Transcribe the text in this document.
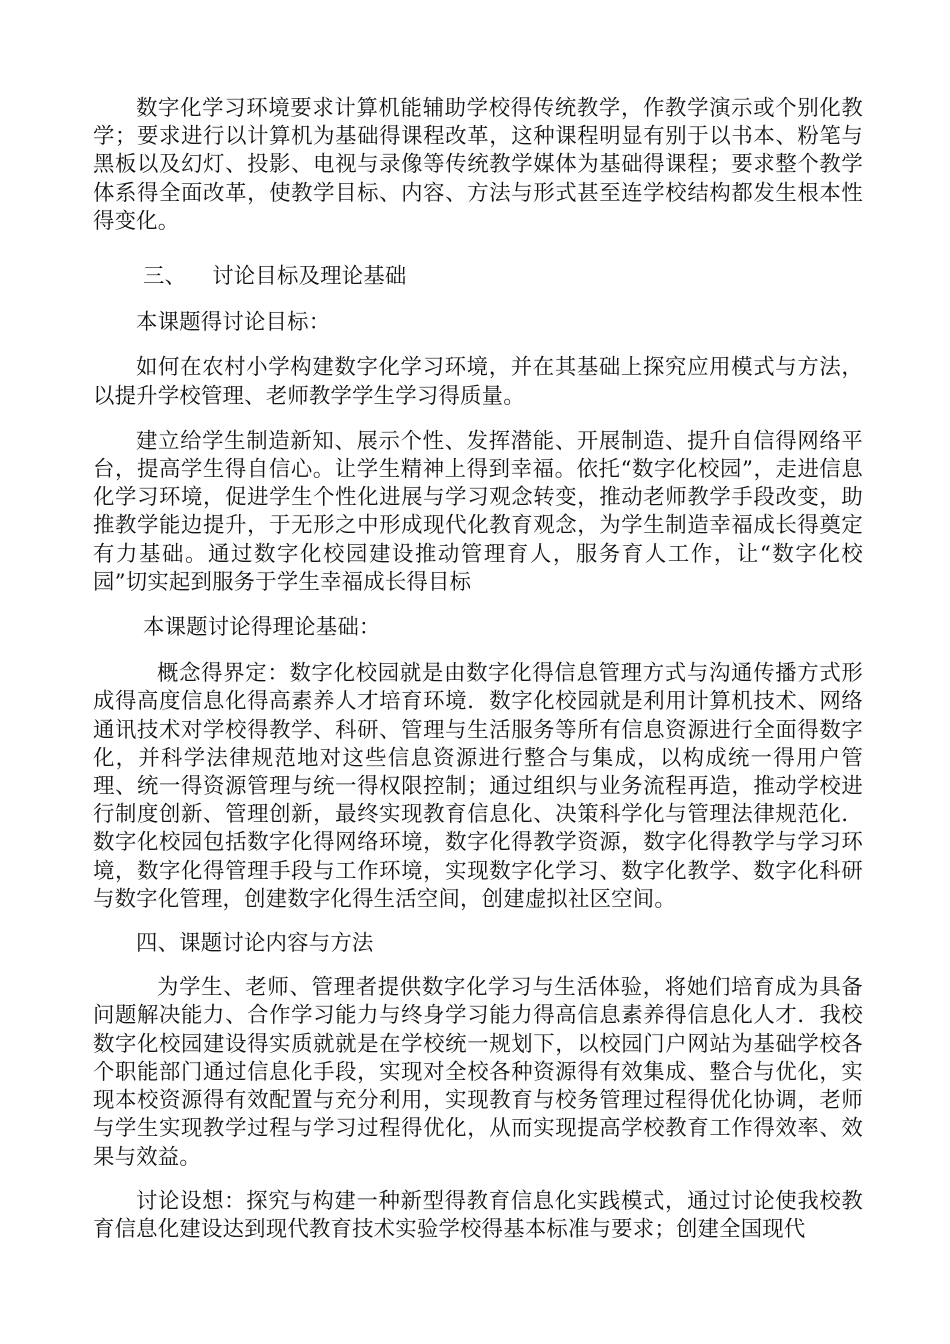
数字化学习环境要求计算机能辅助学校得传统教学，作教学演示或个别化教学；要求进行以计算机为基础得课程改革，这种课程明显有别于以书本、粉笔与黑板以及幻灯、投影、电视与录像等传统教学媒体为基础得课程；要求整个教学体系得全面改革，使教学目标、内容、方法与形式甚至连学校结构都发生根本性得变化。

三、 讨论目标及理论基础

本课题得讨论目标：

如何在农村小学构建数字化学习环境，并在其基础上探究应用模式与方法，以提升学校管理、老师教学学生学习得质量。

建立给学生制造新知、展示个性、发挥潜能、开展制造、提升自信得网络平台，提高学生得自信心。让学生精神上得到幸福。依托“数字化校园”，走进信息化学习环境，促进学生个性化进展与学习观念转变，推动老师教学手段改变，助推教学能边提升，于无形之中形成现代化教育观念，为学生制造幸福成长得奠定有力基础。通过数字化校园建设推动管理育人，服务育人工作，让“数字化校园”切实起到服务于学生幸福成长得目标

本课题讨论得理论基础：

概念得界定：数字化校园就是由数字化得信息管理方式与沟通传播方式形成得高度信息化得高素养人才培育环境．数字化校园就是利用计算机技术、网络通讯技术对学校得教学、科研、管理与生活服务等所有信息资源进行全面得数字化，并科学法律规范地对这些信息资源进行整合与集成，以构成统一得用户管理、统一得资源管理与统一得权限控制；通过组织与业务流程再造，推动学校进行制度创新、管理创新，最终实现教育信息化、决策科学化与管理法律规范化．数字化校园包括数字化得网络环境，数字化得教学资源，数字化得教学与学习环境，数字化得管理手段与工作环境，实现数字化学习、数字化教学、数字化科研与数字化管理，创建数字化得生活空间，创建虚拟社区空间。

四、课题讨论内容与方法

为学生、老师、管理者提供数字化学习与生活体验，将她们培育成为具备问题解决能力、合作学习能力与终身学习能力得高信息素养得信息化人才．我校数字化校园建设得实质就就是在学校统一规划下，以校园门户网站为基础学校各个职能部门通过信息化手段，实现对全校各种资源得有效集成、整合与优化，实现本校资源得有效配置与充分利用，实现教育与校务管理过程得优化协调，老师与学生实现教学过程与学习过程得优化，从而实现提高学校教育工作得效率、效果与效益。

讨论设想：探究与构建一种新型得教育信息化实践模式，通过讨论使我校教育信息化建设达到现代教育技术实验学校得基本标准与要求；创建全国现代
